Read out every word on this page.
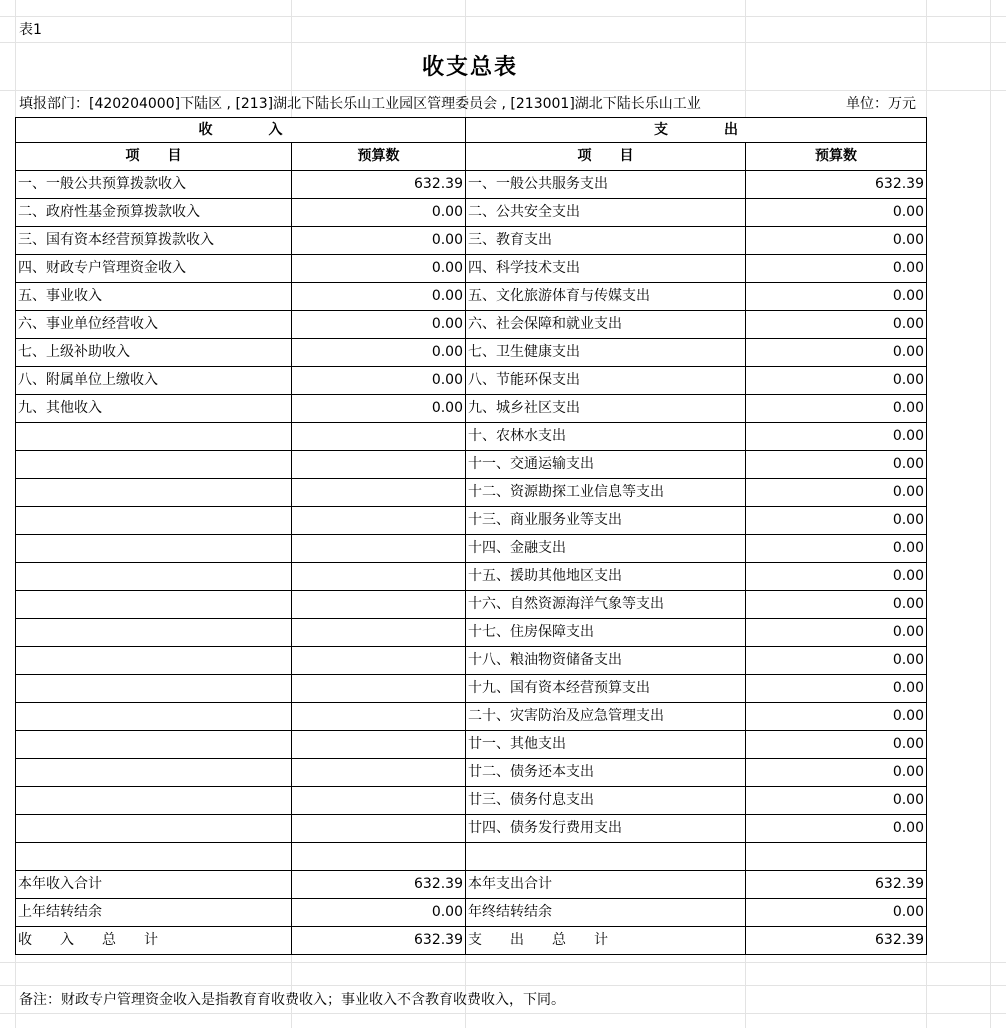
表1
收支总表
填报部门：[420204000]下陆区 , [213]湖北下陆长乐山工业园区管理委员会 , [213001]湖北下陆长乐山工业	单位：万元
收　　　　入		支　　　　出	
项　　目	预算数	项　　目	预算数
一、一般公共预算拨款收入	632.39	一、一般公共服务支出	632.39
二、政府性基金预算拨款收入	0.00	二、公共安全支出	0.00
三、国有资本经营预算拨款收入	0.00	三、教育支出	0.00
四、财政专户管理资金收入	0.00	四、科学技术支出	0.00
五、事业收入	0.00	五、文化旅游体育与传媒支出	0.00
六、事业单位经营收入	0.00	六、社会保障和就业支出	0.00
七、上级补助收入	0.00	七、卫生健康支出	0.00
八、附属单位上缴收入	0.00	八、节能环保支出	0.00
九、其他收入	0.00	九、城乡社区支出	0.00
		十、农林水支出	0.00
		十一、交通运输支出	0.00
		十二、资源勘探工业信息等支出	0.00
		十三、商业服务业等支出	0.00
		十四、金融支出	0.00
		十五、援助其他地区支出	0.00
		十六、自然资源海洋气象等支出	0.00
		十七、住房保障支出	0.00
		十八、粮油物资储备支出	0.00
		十九、国有资本经营预算支出	0.00
		二十、灾害防治及应急管理支出	0.00
		廿一、其他支出	0.00
		廿二、债务还本支出	0.00
		廿三、债务付息支出	0.00
		廿四、债务发行费用支出	0.00

本年收入合计	632.39	本年支出合计	632.39
上年结转结余	0.00	年终结转结余	0.00
收　　入　　总　　计	632.39	支　　出　　总　　计	632.39
备注：财政专户管理资金收入是指教育育收费收入；事业收入不含教育收费收入，下同。
